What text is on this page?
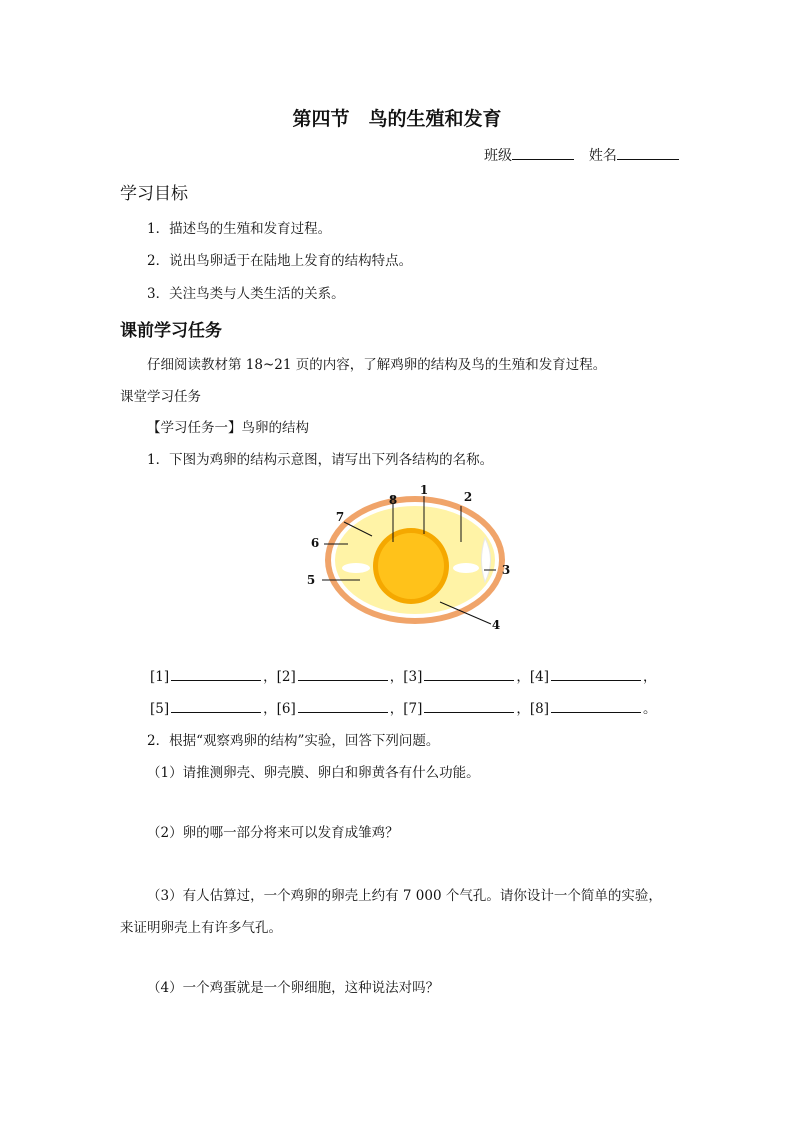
第四节　鸟的生殖和发育
班级	姓名
学习目标
1．描述鸟的生殖和发育过程。
2．说出鸟卵适于在陆地上发育的结构特点。
3．关注鸟类与人类生活的关系。
课前学习任务
仔细阅读教材第 18~21 页的内容，了解鸡卵的结构及鸟的生殖和发育过程。
课堂学习任务
【学习任务一】鸟卵的结构
1．下图为鸡卵的结构示意图，请写出下列各结构的名称。
1	2
3
4
5
6
7
8
[1]	，[2]	，[3]	，[4]	，
[5]	，[6]	，[7]	，[8]	。
2．根据“观察鸡卵的结构”实验，回答下列问题。
（1）请推测卵壳、卵壳膜、卵白和卵黄各有什么功能。
（2）卵的哪一部分将来可以发育成雏鸡？
（3）有人估算过，一个鸡卵的卵壳上约有 7 000 个气孔。请你设计一个简单的实验，
来证明卵壳上有许多气孔。
（4）一个鸡蛋就是一个卵细胞，这种说法对吗？
